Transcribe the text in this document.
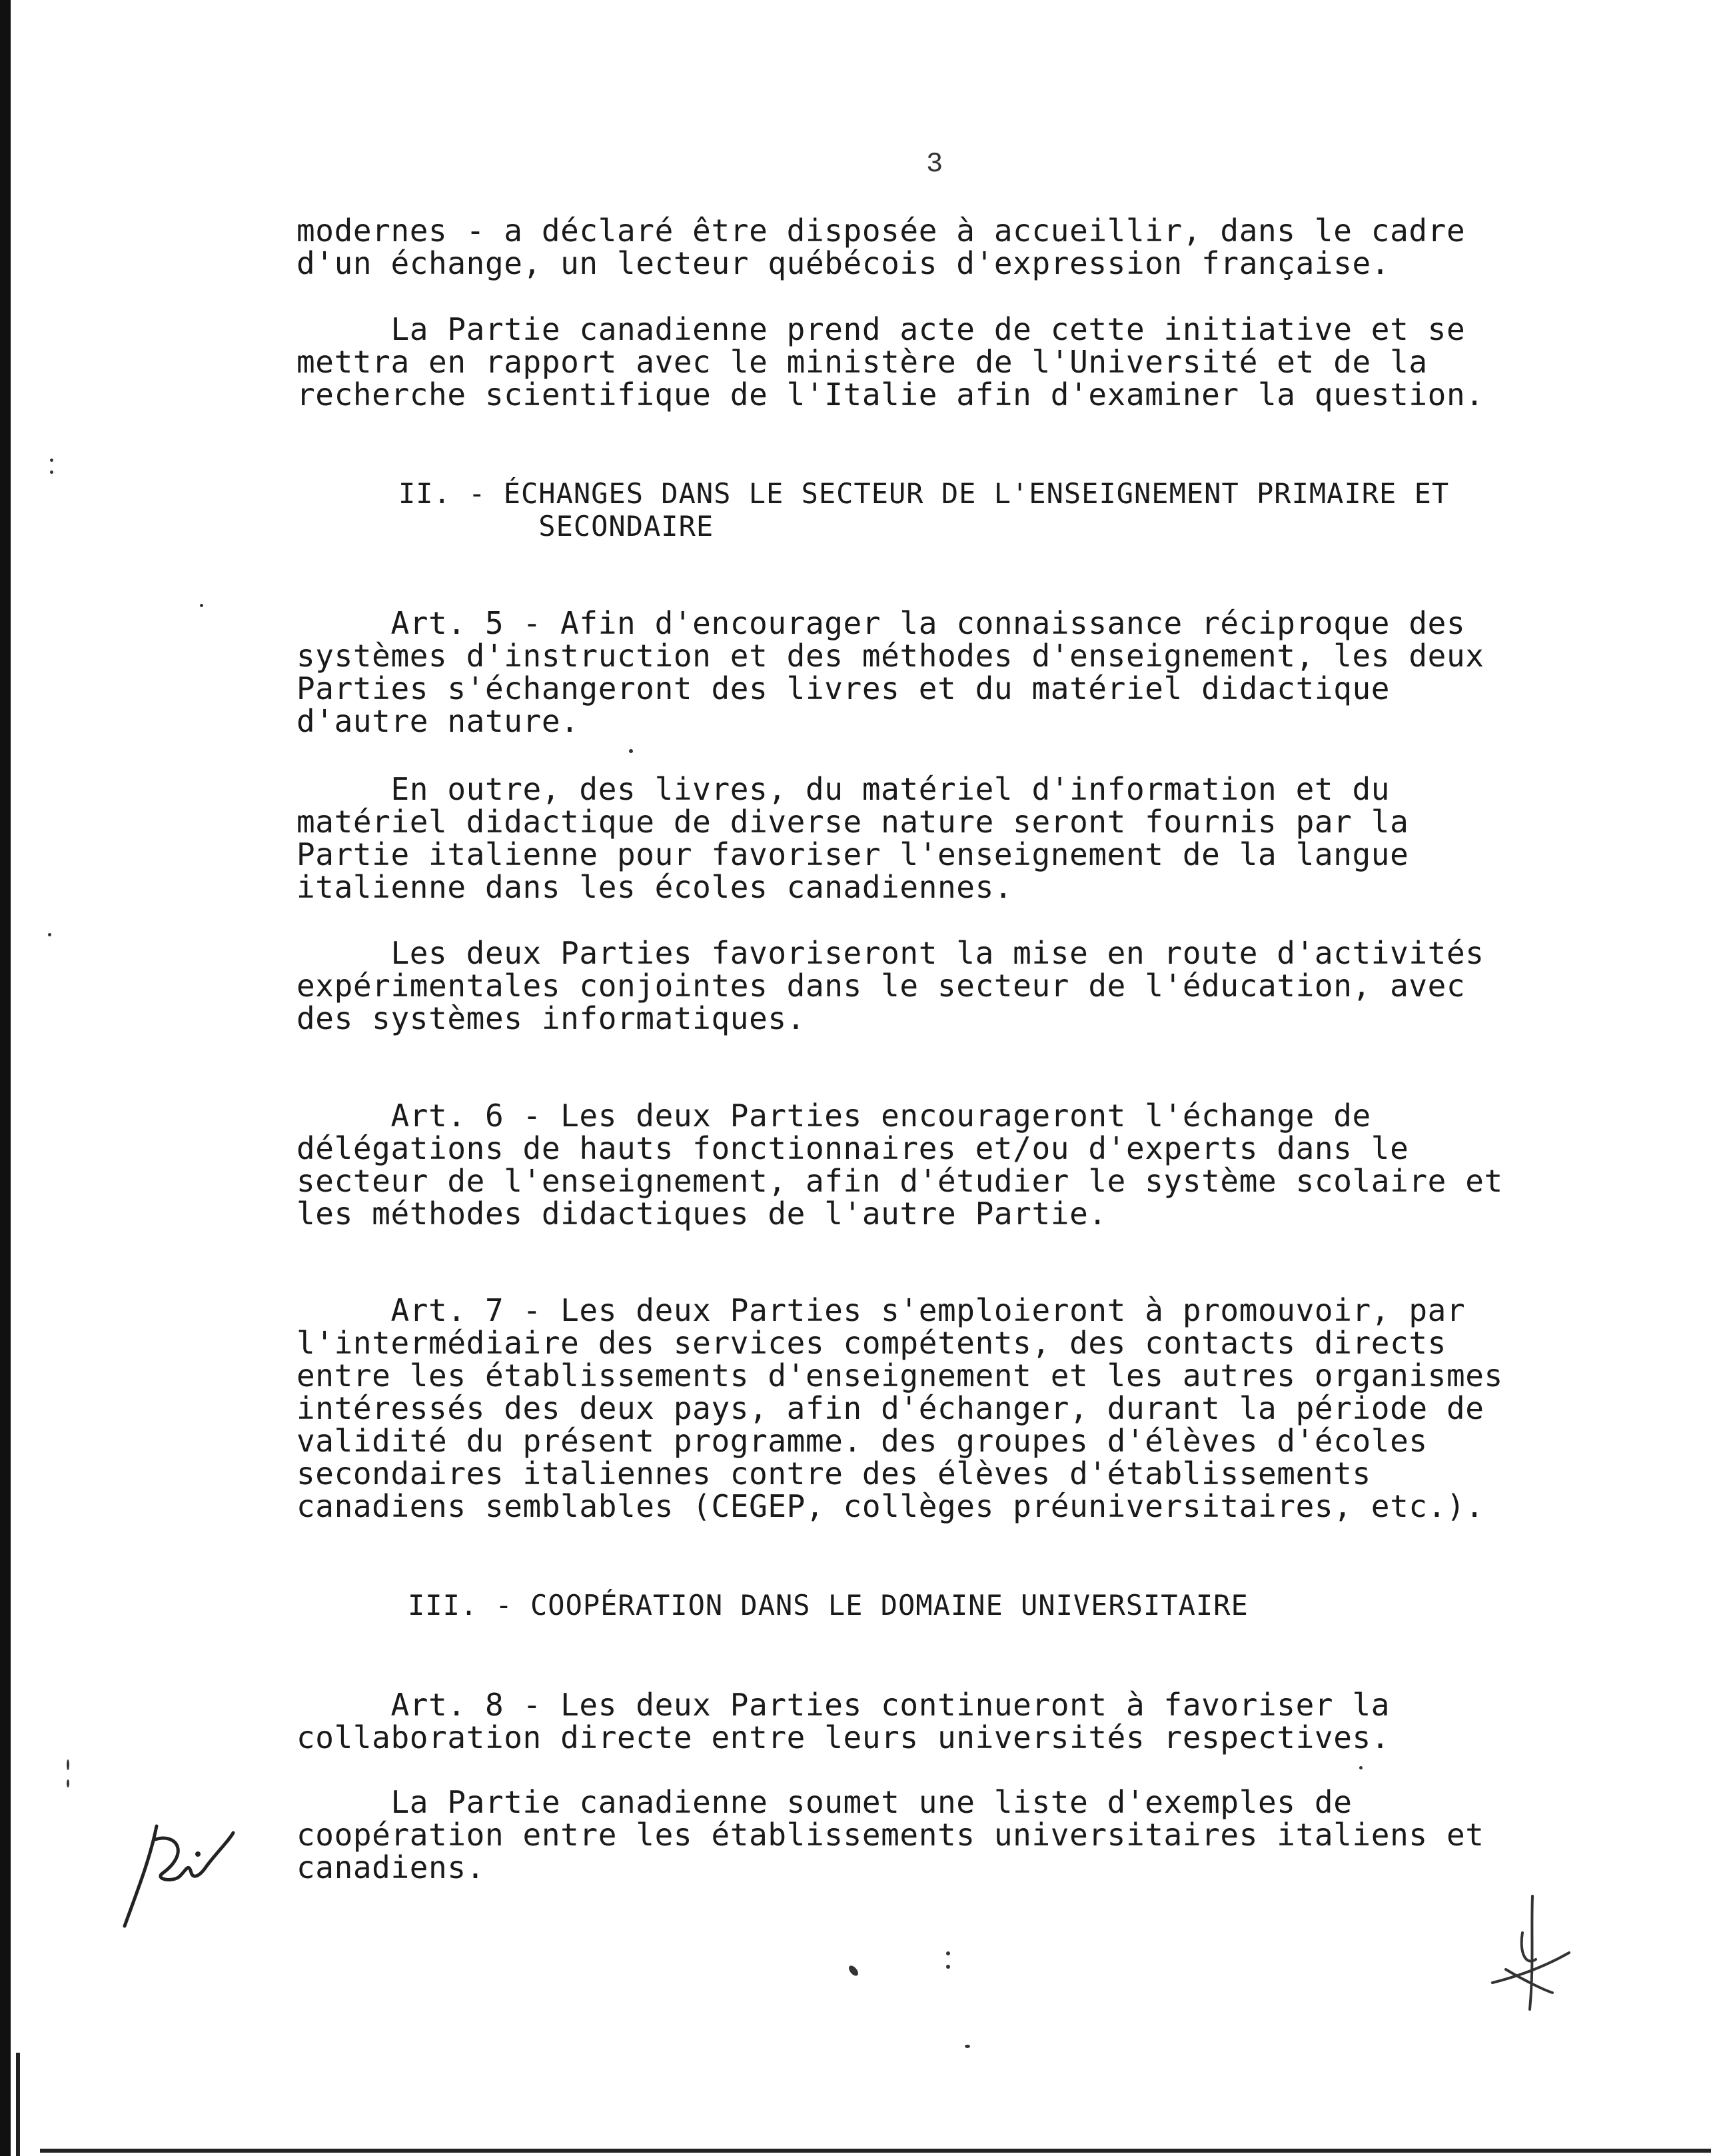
3
modernes - a déclaré être disposée à accueillir, dans le cadre
d'un échange, un lecteur québécois d'expression française.
La Partie canadienne prend acte de cette initiative et se
mettra en rapport avec le ministère de l'Université et de la
recherche scientifique de l'Italie afin d'examiner la question.
II. - ÉCHANGES DANS LE SECTEUR DE L'ENSEIGNEMENT PRIMAIRE ET
SECONDAIRE
Art. 5 - Afin d'encourager la connaissance réciproque des
systèmes d'instruction et des méthodes d'enseignement, les deux
Parties s'échangeront des livres et du matériel didactique
d'autre nature.
En outre, des livres, du matériel d'information et du
matériel didactique de diverse nature seront fournis par la
Partie italienne pour favoriser l'enseignement de la langue
italienne dans les écoles canadiennes.
Les deux Parties favoriseront la mise en route d'activités
expérimentales conjointes dans le secteur de l'éducation, avec
des systèmes informatiques.
Art. 6 - Les deux Parties encourageront l'échange de
délégations de hauts fonctionnaires et/ou d'experts dans le
secteur de l'enseignement, afin d'étudier le système scolaire et
les méthodes didactiques de l'autre Partie.
Art. 7 - Les deux Parties s'emploieront à promouvoir, par
l'intermédiaire des services compétents, des contacts directs
entre les établissements d'enseignement et les autres organismes
intéressés des deux pays, afin d'échanger, durant la période de
validité du présent programme. des groupes d'élèves d'écoles
secondaires italiennes contre des élèves d'établissements
canadiens semblables (CEGEP, collèges préuniversitaires, etc.).
III. - COOPÉRATION DANS LE DOMAINE UNIVERSITAIRE
Art. 8 - Les deux Parties continueront à favoriser la
collaboration directe entre leurs universités respectives.
La Partie canadienne soumet une liste d'exemples de
coopération entre les établissements universitaires italiens et
canadiens.
